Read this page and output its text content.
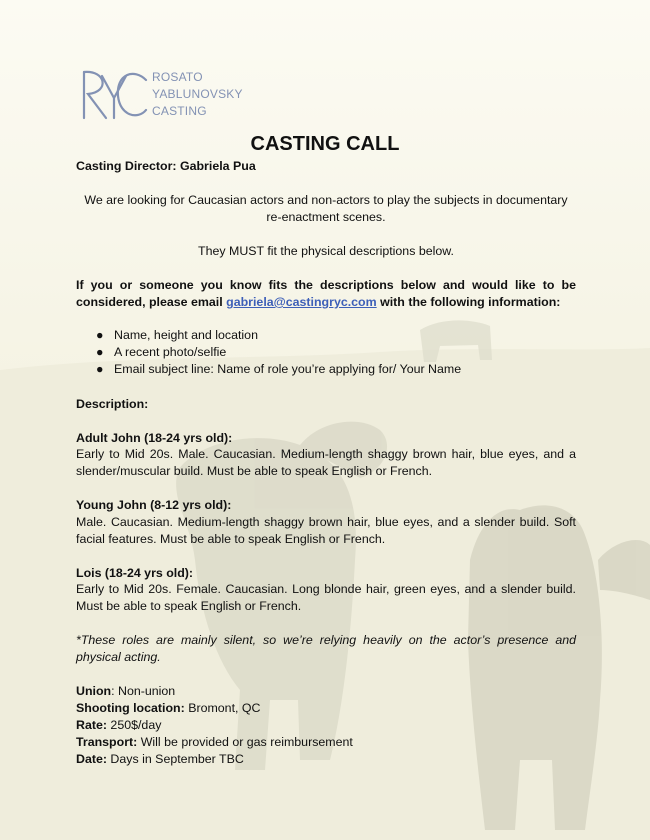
ROSATO
YABLUNOVSKY
CASTING
CASTING CALL
Casting Director: Gabriela Pua
We are looking for Caucasian actors and non-actors to play the subjects in documentary re-enactment scenes.
They MUST fit the physical descriptions below.
If you or someone you know fits the descriptions below and would like to be considered, please email gabriela@castingryc.com with the following information:
● Name, height and location
● A recent photo/selfie
● Email subject line: Name of role you’re applying for/ Your Name
Description:
Adult John (18-24 yrs old):
Early to Mid 20s. Male. Caucasian. Medium-length shaggy brown hair, blue eyes, and a slender/muscular build. Must be able to speak English or French.
Young John (8-12 yrs old):
Male. Caucasian. Medium-length shaggy brown hair, blue eyes, and a slender build. Soft facial features. Must be able to speak English or French.
Lois (18-24 yrs old):
Early to Mid 20s. Female. Caucasian. Long blonde hair, green eyes, and a slender build. Must be able to speak English or French.
*These roles are mainly silent, so we’re relying heavily on the actor’s presence and physical acting.
Union: Non-union
Shooting location: Bromont, QC
Rate: 250$/day
Transport: Will be provided or gas reimbursement
Date: Days in September TBC
